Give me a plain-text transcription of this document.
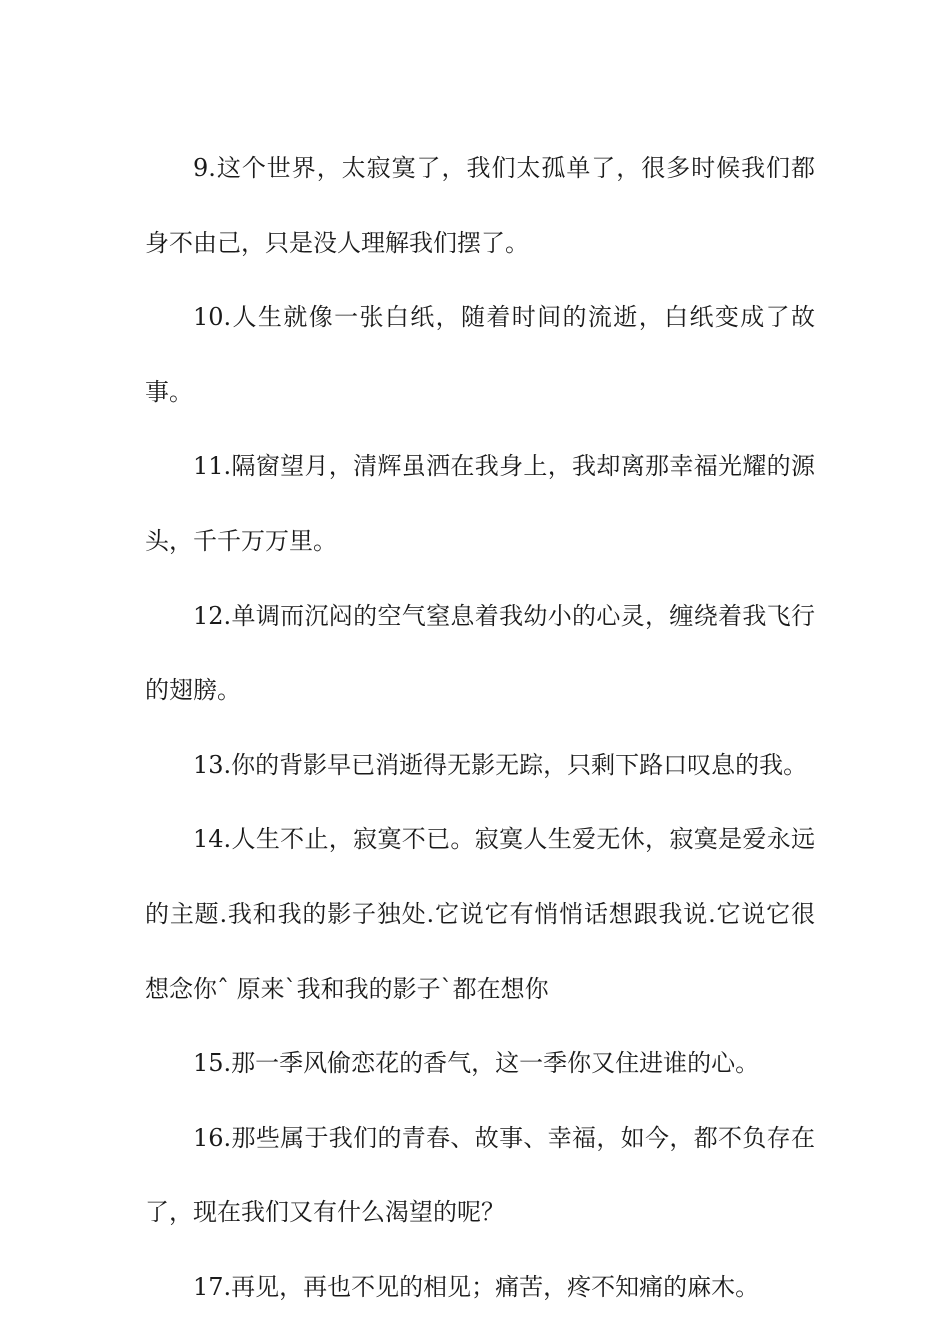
9.这个世界，太寂寞了，我们太孤单了，很多时候我们都身不由己，只是没人理解我们摆了。

10.人生就像一张白纸，随着时间的流逝，白纸变成了故事。

11.隔窗望月，清辉虽洒在我身上，我却离那幸福光耀的源头，千千万万里。

12.单调而沉闷的空气窒息着我幼小的心灵，缠绕着我飞行的翅膀。

13.你的背影早已消逝得无影无踪，只剩下路口叹息的我。

14.人生不止，寂寞不已。寂寞人生爱无休，寂寞是爱永远的主题.我和我的影子独处.它说它有悄悄话想跟我说.它说它很想念你ˆ 原来`我和我的影子`都在想你

15.那一季风偷恋花的香气，这一季你又住进谁的心。

16.那些属于我们的青春、故事、幸福，如今，都不负存在了，现在我们又有什么渴望的呢？

17.再见，再也不见的相见；痛苦，疼不知痛的麻木。
